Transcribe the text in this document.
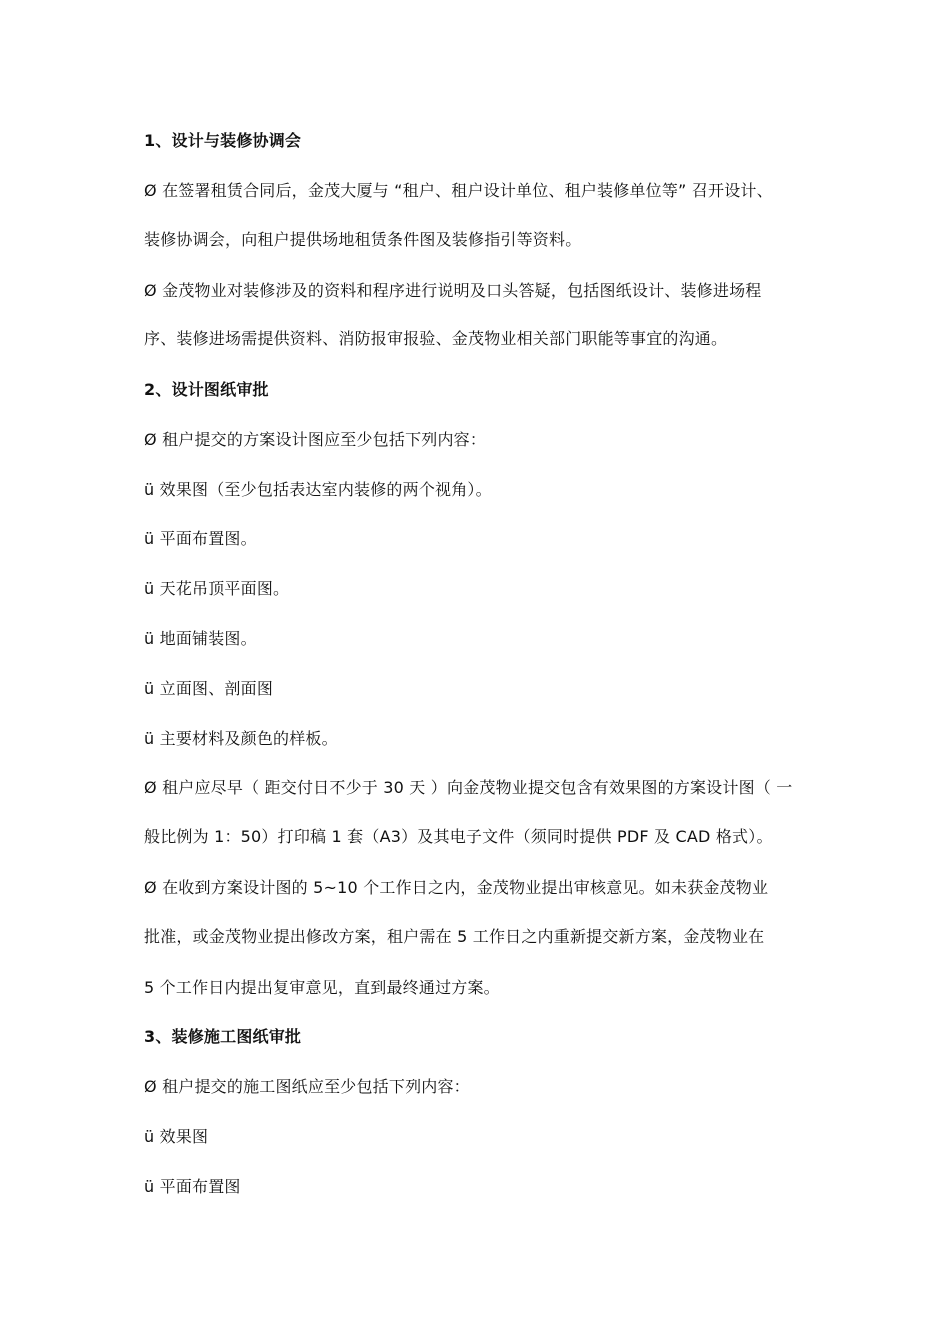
1、设计与装修协调会
Ø 在签署租赁合同后，金茂大厦与 “租户、租户设计单位、租户装修单位等” 召开设计、
装修协调会，向租户提供场地租赁条件图及装修指引等资料。
Ø 金茂物业对装修涉及的资料和程序进行说明及口头答疑，包括图纸设计、装修进场程
序、装修进场需提供资料、消防报审报验、金茂物业相关部门职能等事宜的沟通。
2、设计图纸审批
Ø 租户提交的方案设计图应至少包括下列内容：
ü 效果图（至少包括表达室内装修的两个视角）。
ü 平面布置图。
ü 天花吊顶平面图。
ü 地面铺装图。
ü 立面图、剖面图
ü 主要材料及颜色的样板。
Ø 租户应尽早（ 距交付日不少于 30 天 ）向金茂物业提交包含有效果图的方案设计图（ 一
般比例为 1：50）打印稿 1 套（A3）及其电子文件（须同时提供 PDF 及 CAD 格式）。
Ø 在收到方案设计图的 5~10 个工作日之内，金茂物业提出审核意见。如未获金茂物业
批准，或金茂物业提出修改方案，租户需在 5 工作日之内重新提交新方案，金茂物业在
5 个工作日内提出复审意见，直到最终通过方案。
3、装修施工图纸审批
Ø 租户提交的施工图纸应至少包括下列内容：
ü 效果图
ü 平面布置图
